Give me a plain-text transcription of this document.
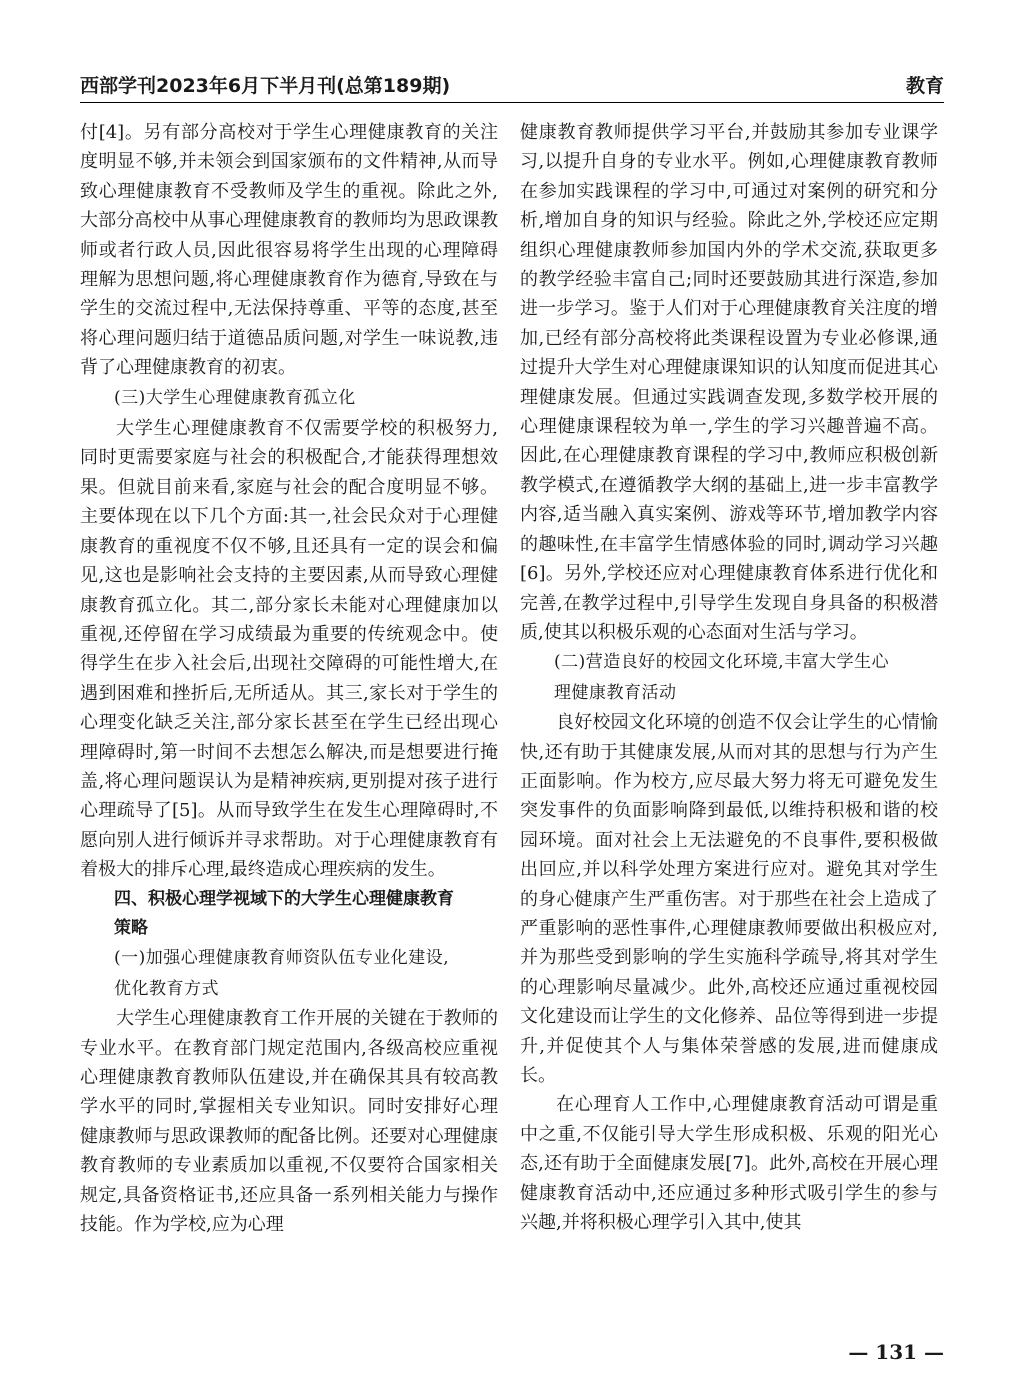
西部学刊2023年6月下半月刊(总第189期)	教育

付[4]。另有部分高校对于学生心理健康教育的关注度明显不够,并未领会到国家颁布的文件精神,从而导致心理健康教育不受教师及学生的重视。除此之外,大部分高校中从事心理健康教育的教师均为思政课教师或者行政人员,因此很容易将学生出现的心理障碍理解为思想问题,将心理健康教育作为德育,导致在与学生的交流过程中,无法保持尊重、平等的态度,甚至将心理问题归结于道德品质问题,对学生一味说教,违背了心理健康教育的初衷。

(三)大学生心理健康教育孤立化

大学生心理健康教育不仅需要学校的积极努力,同时更需要家庭与社会的积极配合,才能获得理想效果。但就目前来看,家庭与社会的配合度明显不够。主要体现在以下几个方面:其一,社会民众对于心理健康教育的重视度不仅不够,且还具有一定的误会和偏见,这也是影响社会支持的主要因素,从而导致心理健康教育孤立化。其二,部分家长未能对心理健康加以重视,还停留在学习成绩最为重要的传统观念中。使得学生在步入社会后,出现社交障碍的可能性增大,在遇到困难和挫折后,无所适从。其三,家长对于学生的心理变化缺乏关注,部分家长甚至在学生已经出现心理障碍时,第一时间不去想怎么解决,而是想要进行掩盖,将心理问题误认为是精神疾病,更别提对孩子进行心理疏导了[5]。从而导致学生在发生心理障碍时,不愿向别人进行倾诉并寻求帮助。对于心理健康教育有着极大的排斥心理,最终造成心理疾病的发生。

四、积极心理学视域下的大学生心理健康教育

策略

(一)加强心理健康教育师资队伍专业化建设,

优化教育方式

大学生心理健康教育工作开展的关键在于教师的专业水平。在教育部门规定范围内,各级高校应重视心理健康教育教师队伍建设,并在确保其具有较高教学水平的同时,掌握相关专业知识。同时安排好心理健康教师与思政课教师的配备比例。还要对心理健康教育教师的专业素质加以重视,不仅要符合国家相关规定,具备资格证书,还应具备一系列相关能力与操作技能。作为学校,应为心理

健康教育教师提供学习平台,并鼓励其参加专业课学习,以提升自身的专业水平。例如,心理健康教育教师在参加实践课程的学习中,可通过对案例的研究和分析,增加自身的知识与经验。除此之外,学校还应定期组织心理健康教师参加国内外的学术交流,获取更多的教学经验丰富自己;同时还要鼓励其进行深造,参加进一步学习。鉴于人们对于心理健康教育关注度的增加,已经有部分高校将此类课程设置为专业必修课,通过提升大学生对心理健康课知识的认知度而促进其心理健康发展。但通过实践调查发现,多数学校开展的心理健康课程较为单一,学生的学习兴趣普遍不高。因此,在心理健康教育课程的学习中,教师应积极创新教学模式,在遵循教学大纲的基础上,进一步丰富教学内容,适当融入真实案例、游戏等环节,增加教学内容的趣味性,在丰富学生情感体验的同时,调动学习兴趣[6]。另外,学校还应对心理健康教育体系进行优化和完善,在教学过程中,引导学生发现自身具备的积极潜质,使其以积极乐观的心态面对生活与学习。

(二)营造良好的校园文化环境,丰富大学生心

理健康教育活动

良好校园文化环境的创造不仅会让学生的心情愉快,还有助于其健康发展,从而对其的思想与行为产生正面影响。作为校方,应尽最大努力将无可避免发生突发事件的负面影响降到最低,以维持积极和谐的校园环境。面对社会上无法避免的不良事件,要积极做出回应,并以科学处理方案进行应对。避免其对学生的身心健康产生严重伤害。对于那些在社会上造成了严重影响的恶性事件,心理健康教师要做出积极应对,并为那些受到影响的学生实施科学疏导,将其对学生的心理影响尽量减少。此外,高校还应通过重视校园文化建设而让学生的文化修养、品位等得到进一步提升,并促使其个人与集体荣誉感的发展,进而健康成长。

在心理育人工作中,心理健康教育活动可谓是重中之重,不仅能引导大学生形成积极、乐观的阳光心态,还有助于全面健康发展[7]。此外,高校在开展心理健康教育活动中,还应通过多种形式吸引学生的参与兴趣,并将积极心理学引入其中,使其

— 131 —
